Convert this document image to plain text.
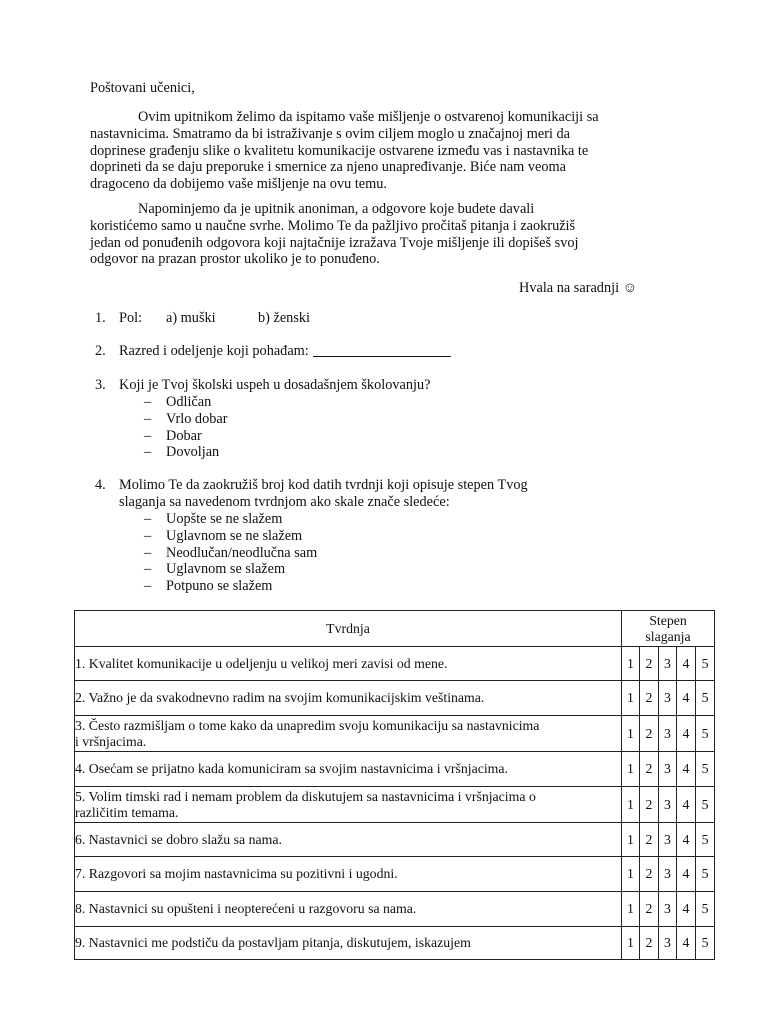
Poštovani učenici,
Ovim upitnikom želimo da ispitamo vaše mišljenje o ostvarenoj komunikaciji sa
nastavnicima. Smatramo da bi istraživanje s ovim ciljem moglo u značajnoj meri da
doprinese građenju slike o kvalitetu komunikacije ostvarene između vas i nastavnika te
doprineti da se daju preporuke i smernice za njeno unapređivanje. Biće nam veoma
dragoceno da dobijemo vaše mišljenje na ovu temu.
Napominjemo da je upitnik anoniman, a odgovore koje budete davali
koristićemo samo u naučne svrhe. Molimo Te da pažljivo pročitaš pitanja i zaokružiš
jedan od ponuđenih odgovora koji najtačnije izražava Tvoje mišljenje ili dopišeš svoj
odgovor na prazan prostor ukoliko je to ponuđeno.
Hvala na saradnji ☺
1. Pol: a) muški	b) ženski
2. Razred i odeljenje koji pohađam:
3. Koji je Tvoj školski uspeh u dosadašnjem školovanju?
– Odličan
– Vrlo dobar
– Dobar
– Dovoljan
4. Molimo Te da zaokružiš broj kod datih tvrdnji koji opisuje stepen Tvog
slaganja sa navedenom tvrdnjom ako skale znače sledeće:
– Uopšte se ne slažem
– Uglavnom se ne slažem
– Neodlučan/neodlučna sam
– Uglavnom se slažem
– Potpuno se slažem
Tvrdnja	Stepen
slaganja				

1. Kvalitet komunikacije u odeljenju u velikoj meri zavisi od mene.	1	2	3	4	5

2. Važno je da svakodnevno radim na svojim komunikacijskim veštinama.	1	2	3	4	5

3. Često razmišljam o tome kako da unapredim svoju komunikaciju sa nastavnicima
i vršnjacima.	1	2	3	4	5

4. Osećam se prijatno kada komuniciram sa svojim nastavnicima i vršnjacima.	1	2	3	4	5

5. Volim timski rad i nemam problem da diskutujem sa nastavnicima i vršnjacima o
različitim temama.	1	2	3	4	5

6. Nastavnici se dobro slažu sa nama.	1	2	3	4	5

7. Razgovori sa mojim nastavnicima su pozitivni i ugodni.	1	2	3	4	5

8. Nastavnici su opušteni i neopterećeni u razgovoru sa nama.	1	2	3	4	5

9. Nastavnici me podstiču da postavljam pitanja, diskutujem, iskazujem	1	2	3	4	5
